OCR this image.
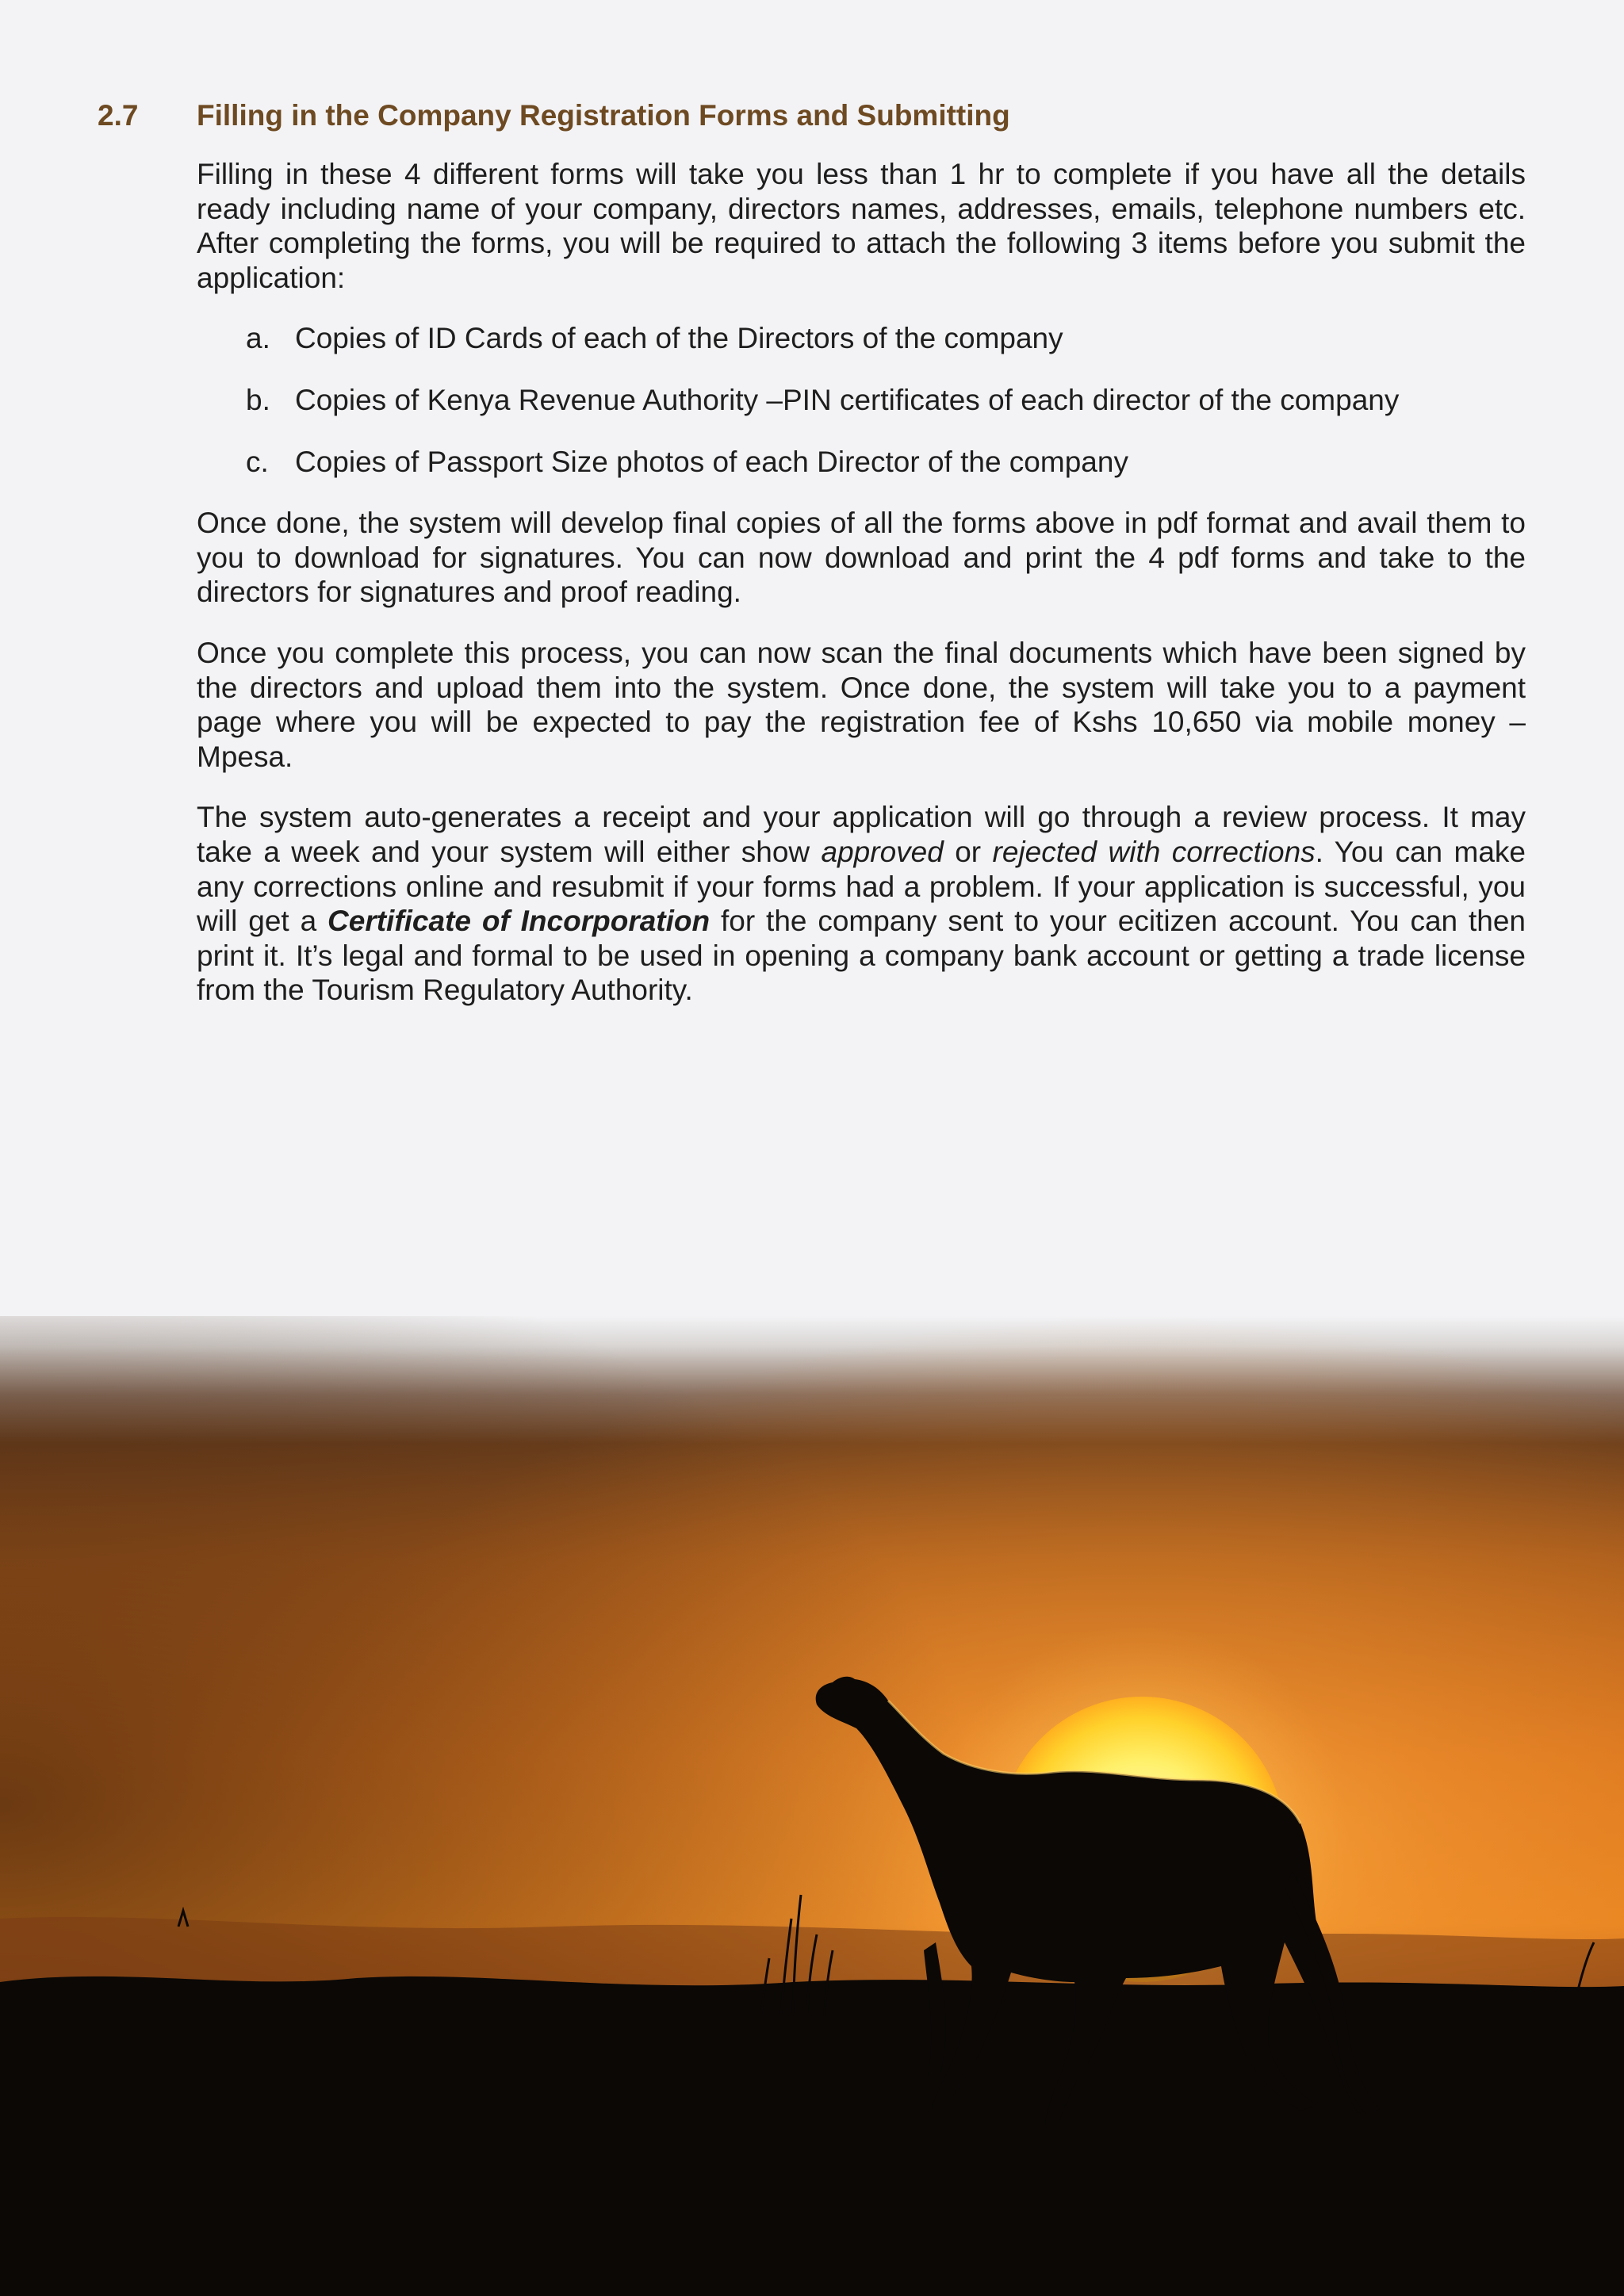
2.7	Filling in the Company Registration Forms and Submitting

Filling in these 4 different forms will take you less than 1 hr to complete if you have all the details ready including name of your company, directors names, addresses, emails, telephone numbers etc. After completing the forms, you will be required to attach the following 3 items before you submit the application:

a. Copies of ID Cards of each of the Directors of the company
b. Copies of Kenya Revenue Authority –PIN certificates of each director of the company
c. Copies of Passport Size photos of each Director of the company

Once done, the system will develop final copies of all the forms above in pdf format and avail them to you to download for signatures. You can now download and print the 4 pdf forms and take to the directors for signatures and proof reading.

Once you complete this process, you can now scan the final documents which have been signed by the directors and upload them into the system. Once done, the system will take you to a payment page where you will be expected to pay the registration fee of Kshs 10,650 via mobile money – Mpesa.

The system auto-generates a receipt and your application will go through a review process. It may take a week and your system will either show approved or rejected with corrections. You can make any corrections online and resubmit if your forms had a problem. If your application is successful, you will get a Certificate of Incorporation for the company sent to your ecitizen account. You can then print it. It’s legal and formal to be used in opening a company bank account or getting a trade license from the Tourism Regulatory Authority.
